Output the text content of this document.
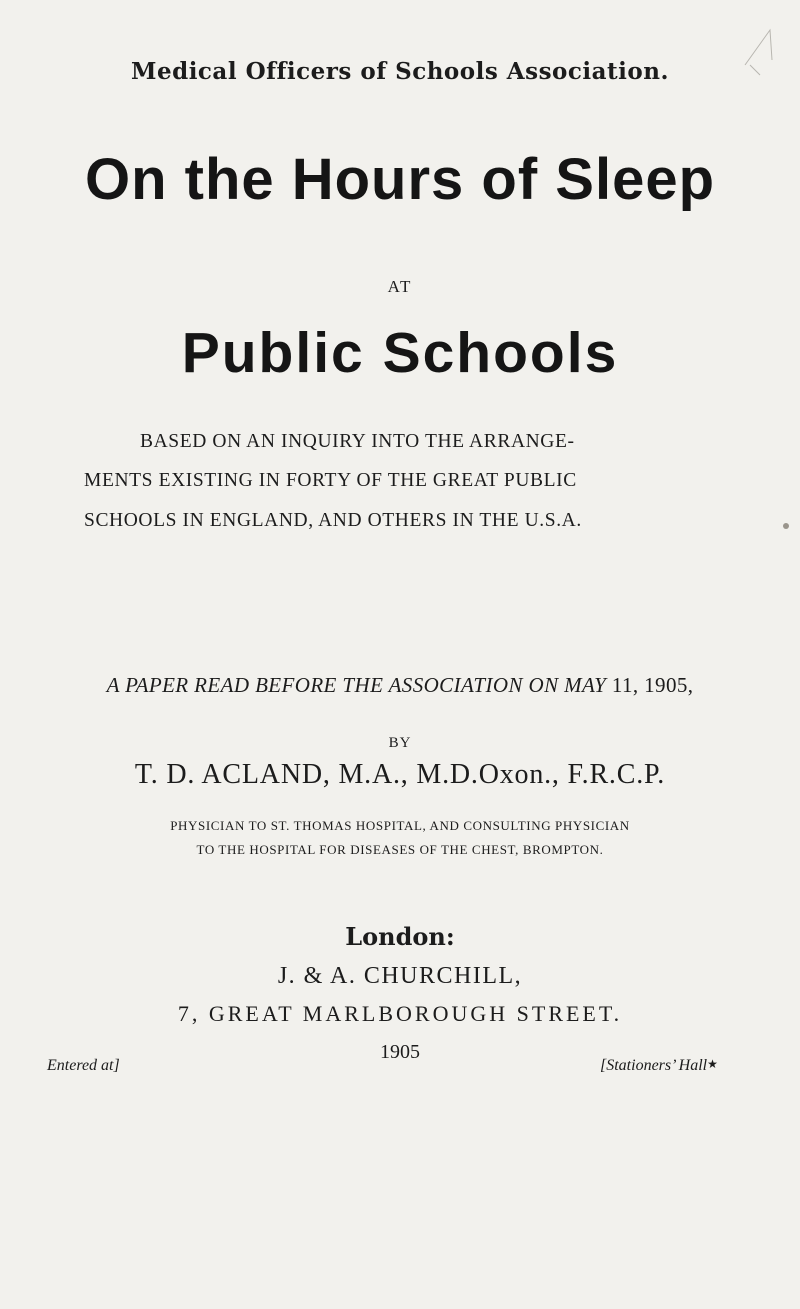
Medical Officers of Schools Association.
On the Hours of Sleep
AT
Public Schools
BASED ON AN INQUIRY INTO THE ARRANGE-
MENTS EXISTING IN FORTY OF THE GREAT PUBLIC
SCHOOLS IN ENGLAND, AND OTHERS IN THE U.S.A.
A PAPER READ BEFORE THE ASSOCIATION ON MAY 11, 1905,
BY
T. D. ACLAND, M.A., M.D.Oxon., F.R.C.P.
PHYSICIAN TO ST. THOMAS HOSPITAL, AND CONSULTING PHYSICIAN
TO THE HOSPITAL FOR DISEASES OF THE CHEST, BROMPTON.
London:
J. & A. CHURCHILL,
7, GREAT MARLBOROUGH STREET.
1905
Entered at]	[Stationers’ Hall★
